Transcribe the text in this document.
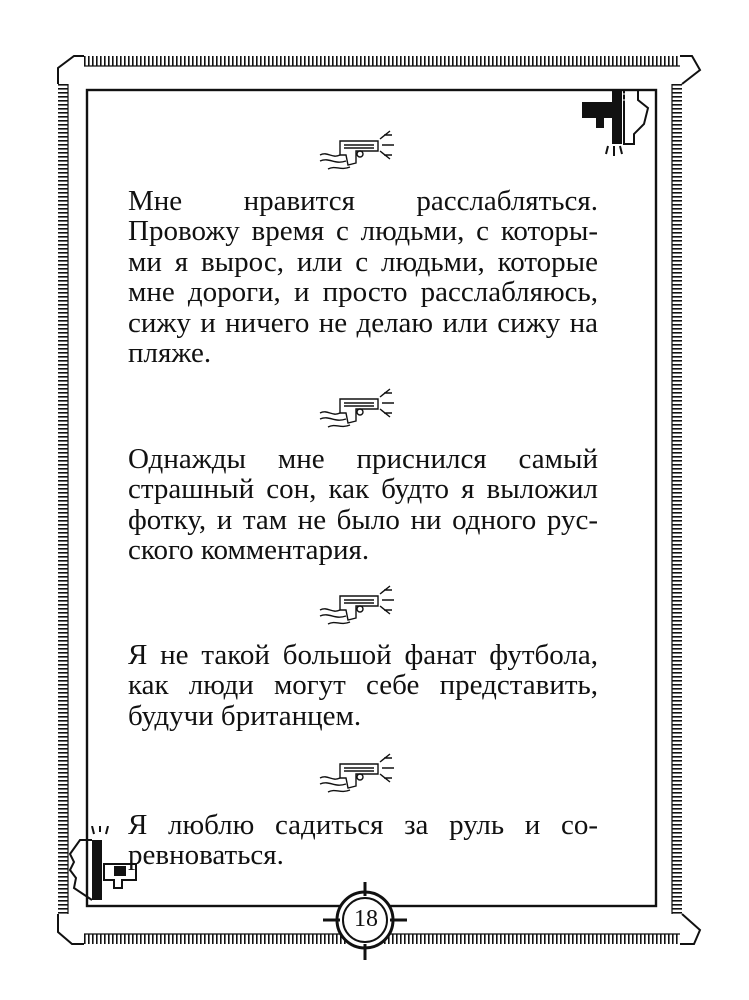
Мне нравится расслабляться. Провожу время с людьми, с которыми я вырос, или с людьми, которые мне дороги, и просто расслабляюсь, сижу и ничего не делаю или сижу на пляже.

Однажды мне приснился самый страшный сон, как будто я выложил фотку, и там не было ни одного русского комментария.

Я не такой большой фанат футбола, как люди могут себе представить, будучи британцем.

Я люблю садиться за руль и соревноваться.

18
